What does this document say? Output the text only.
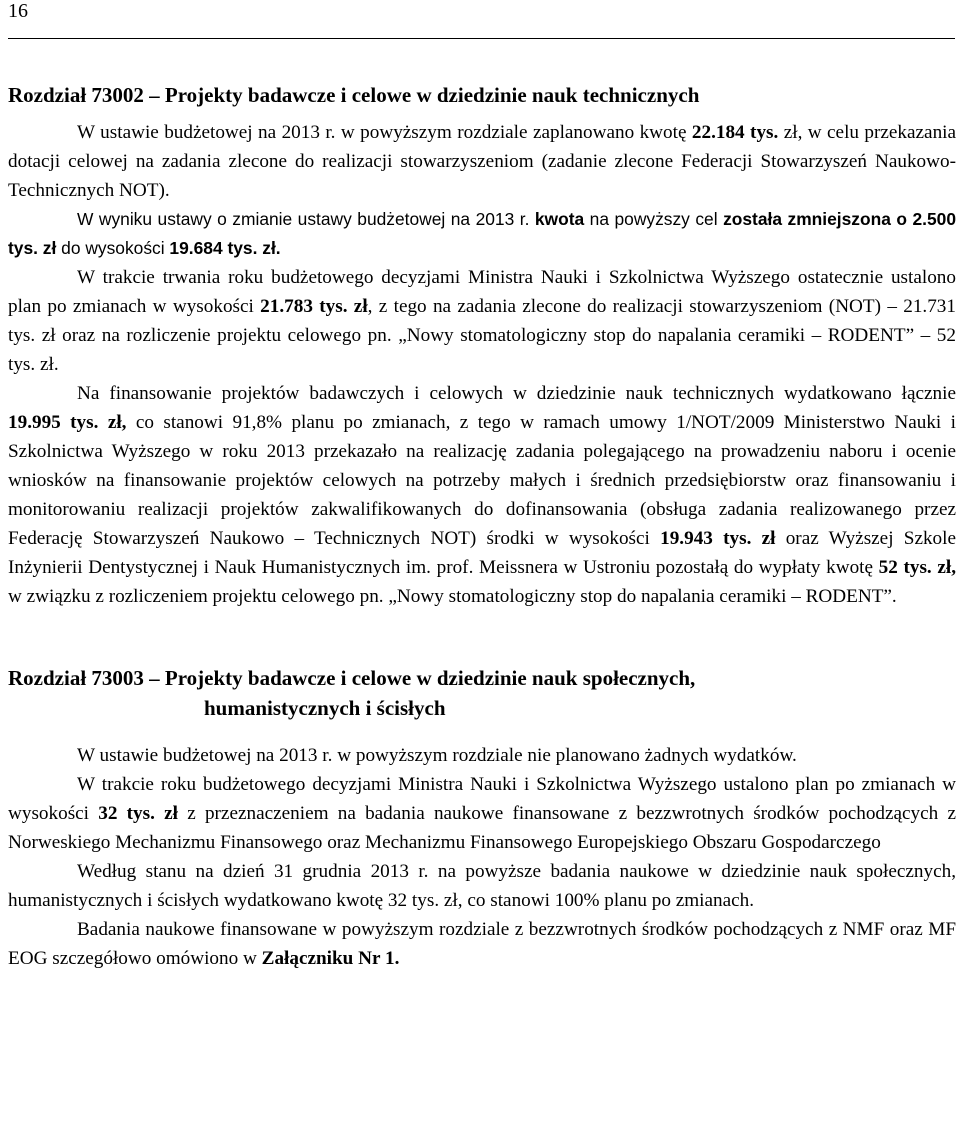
16
Rozdział 73002 – Projekty badawcze i celowe w dziedzinie nauk technicznych

W ustawie budżetowej na 2013 r. w powyższym rozdziale zaplanowano kwotę 22.184 tys. zł, w celu przekazania dotacji celowej na zadania zlecone do realizacji stowarzyszeniom (zadanie zlecone Federacji Stowarzyszeń Naukowo-Technicznych NOT).

W wyniku ustawy o zmianie ustawy budżetowej na 2013 r. kwota na powyższy cel została zmniejszona o 2.500 tys. zł do wysokości 19.684 tys. zł.

W trakcie trwania roku budżetowego decyzjami Ministra Nauki i Szkolnictwa Wyższego ostatecznie ustalono plan po zmianach w wysokości 21.783 tys. zł, z tego na zadania zlecone do realizacji stowarzyszeniom (NOT) – 21.731 tys. zł oraz na rozliczenie projektu celowego pn. „Nowy stomatologiczny stop do napalania ceramiki – RODENT” – 52 tys. zł.

Na finansowanie projektów badawczych i celowych w dziedzinie nauk technicznych wydatkowano łącznie 19.995 tys. zł, co stanowi 91,8% planu po zmianach, z tego w ramach umowy 1/NOT/2009 Ministerstwo Nauki i Szkolnictwa Wyższego w roku 2013 przekazało na realizację zadania polegającego na prowadzeniu naboru i ocenie wniosków na finansowanie projektów celowych na potrzeby małych i średnich przedsiębiorstw oraz finansowaniu i monitorowaniu realizacji projektów zakwalifikowanych do dofinansowania (obsługa zadania realizowanego przez Federację Stowarzyszeń Naukowo – Technicznych NOT) środki w wysokości 19.943 tys. zł oraz Wyższej Szkole Inżynierii Dentystycznej i Nauk Humanistycznych im. prof. Meissnera w Ustroniu pozostałą do wypłaty kwotę 52 tys. zł, w związku z rozliczeniem projektu celowego pn. „Nowy stomatologiczny stop do napalania ceramiki – RODENT”.

Rozdział 73003 – Projekty badawcze i celowe w dziedzinie nauk społecznych,
humanistycznych i ścisłych

W ustawie budżetowej na 2013 r. w powyższym rozdziale nie planowano żadnych wydatków.

W trakcie roku budżetowego decyzjami Ministra Nauki i Szkolnictwa Wyższego ustalono plan po zmianach w wysokości 32 tys. zł z przeznaczeniem na badania naukowe finansowane z bezzwrotnych środków pochodzących z Norweskiego Mechanizmu Finansowego oraz Mechanizmu Finansowego Europejskiego Obszaru Gospodarczego

Według stanu na dzień 31 grudnia 2013 r. na powyższe badania naukowe w dziedzinie nauk społecznych, humanistycznych i ścisłych wydatkowano kwotę 32 tys. zł, co stanowi 100% planu po zmianach.

Badania naukowe finansowane w powyższym rozdziale z bezzwrotnych środków pochodzących z NMF oraz MF EOG szczegółowo omówiono w Załączniku Nr 1.
